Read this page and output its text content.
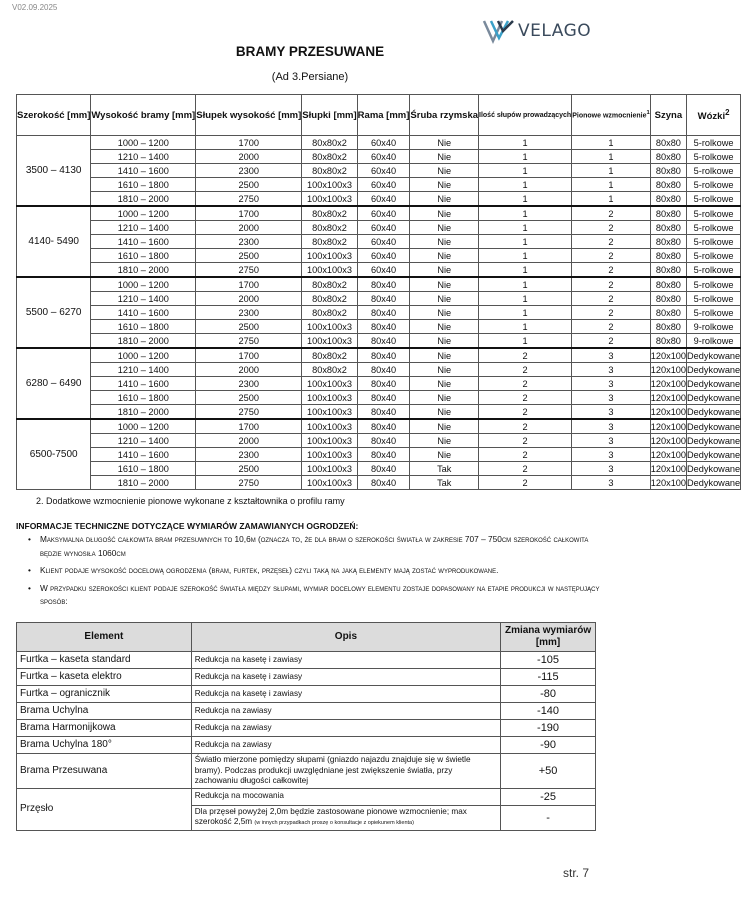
V02.09.2025
VELAGO
BRAMY PRZESUWANE
(Ad 3.Persiane)
Szerokość [mm]	Wysokość bramy [mm]	Słupek wysokość [mm]	Słupki [mm]	Rama [mm]	Śruba rzymska	Ilość słupów prowadzących	Pionowe wzmocnienie$^1$	Szyna	Wózki$^2$
3500 – 4130	1000 – 1200	1700	80x80x2	60x40	Nie	1	1	80x80	5-rolkowe
	1210 – 1400	2000	80x80x2	60x40	Nie	1	1	80x80	5-rolkowe
	1410 – 1600	2300	80x80x2	60x40	Nie	1	1	80x80	5-rolkowe
	1610 – 1800	2500	100x100x3	60x40	Nie	1	1	80x80	5-rolkowe
	1810 – 2000	2750	100x100x3	60x40	Nie	1	1	80x80	5-rolkowe
4140- 5490	1000 – 1200	1700	80x80x2	60x40	Nie	1	2	80x80	5-rolkowe
	1210 – 1400	2000	80x80x2	60x40	Nie	1	2	80x80	5-rolkowe
	1410 – 1600	2300	80x80x2	60x40	Nie	1	2	80x80	5-rolkowe
	1610 – 1800	2500	100x100x3	60x40	Nie	1	2	80x80	5-rolkowe
	1810 – 2000	2750	100x100x3	60x40	Nie	1	2	80x80	5-rolkowe
5500 – 6270	1000 – 1200	1700	80x80x2	80x40	Nie	1	2	80x80	5-rolkowe
	1210 – 1400	2000	80x80x2	80x40	Nie	1	2	80x80	5-rolkowe
	1410 – 1600	2300	80x80x2	80x40	Nie	1	2	80x80	5-rolkowe
	1610 – 1800	2500	100x100x3	80x40	Nie	1	2	80x80	9-rolkowe
	1810 – 2000	2750	100x100x3	80x40	Nie	1	2	80x80	9-rolkowe
6280 – 6490	1000 – 1200	1700	80x80x2	80x40	Nie	2	3	120x100	Dedykowane
	1210 – 1400	2000	80x80x2	80x40	Nie	2	3	120x100	Dedykowane
	1410 – 1600	2300	100x100x3	80x40	Nie	2	3	120x100	Dedykowane
	1610 – 1800	2500	100x100x3	80x40	Nie	2	3	120x100	Dedykowane
	1810 – 2000	2750	100x100x3	80x40	Nie	2	3	120x100	Dedykowane
6500-7500	1000 – 1200	1700	100x100x3	80x40	Nie	2	3	120x100	Dedykowane
	1210 – 1400	2000	100x100x3	80x40	Nie	2	3	120x100	Dedykowane
	1410 – 1600	2300	100x100x3	80x40	Nie	2	3	120x100	Dedykowane
	1610 – 1800	2500	100x100x3	80x40	Tak	2	3	120x100	Dedykowane
	1810 – 2000	2750	100x100x3	80x40	Tak	2	3	120x100	Dedykowane
2. Dodatkowe wzmocnienie pionowe wykonane z kształtownika o profilu ramy
INFORMACJE TECHNICZNE DOTYCZĄCE WYMIARÓW ZAMAWIANYCH OGRODZEŃ:
• Maksymalna długość całkowita bram przesuwnych to 10,6m (oznacza to, że dla bram o szerokości światła w zakresie 707 – 750cm szerokość całkowita będzie wynosiła 1060cm
• Klient podaje wysokość docelową ogrodzenia (bram, furtek, przęseł) czyli taką na jaką elementy mają zostać wyprodukowane.
• W przypadku szerokości klient podaje szerokość światła między słupami, wymiar docelowy elementu zostaje dopasowany na etapie produkcji w następujący sposób:
Element	Opis	Zmiana wymiarów [mm]
Furtka – kaseta standard	Redukcja na kasetę i zawiasy	-105
Furtka – kaseta elektro	Redukcja na kasetę i zawiasy	-115
Furtka – ogranicznik	Redukcja na kasetę i zawiasy	-80
Brama Uchylna	Redukcja na zawiasy	-140
Brama Harmonijkowa	Redukcja na zawiasy	-190
Brama Uchylna 180°	Redukcja na zawiasy	-90
Brama Przesuwana	Światło mierzone pomiędzy słupami (gniazdo najazdu znajduje się w świetle bramy). Podczas produkcji uwzględniane jest zwiększenie światła, przy zachowaniu długości całkowitej	+50
Przęsło	Redukcja na mocowania	-25
	Dla przęseł powyżej 2,0m będzie zastosowane pionowe wzmocnienie; max szerokość 2,5m (w innych przypadkach proszę o konsultacje z opiekunem klienta)	-
str. 7
